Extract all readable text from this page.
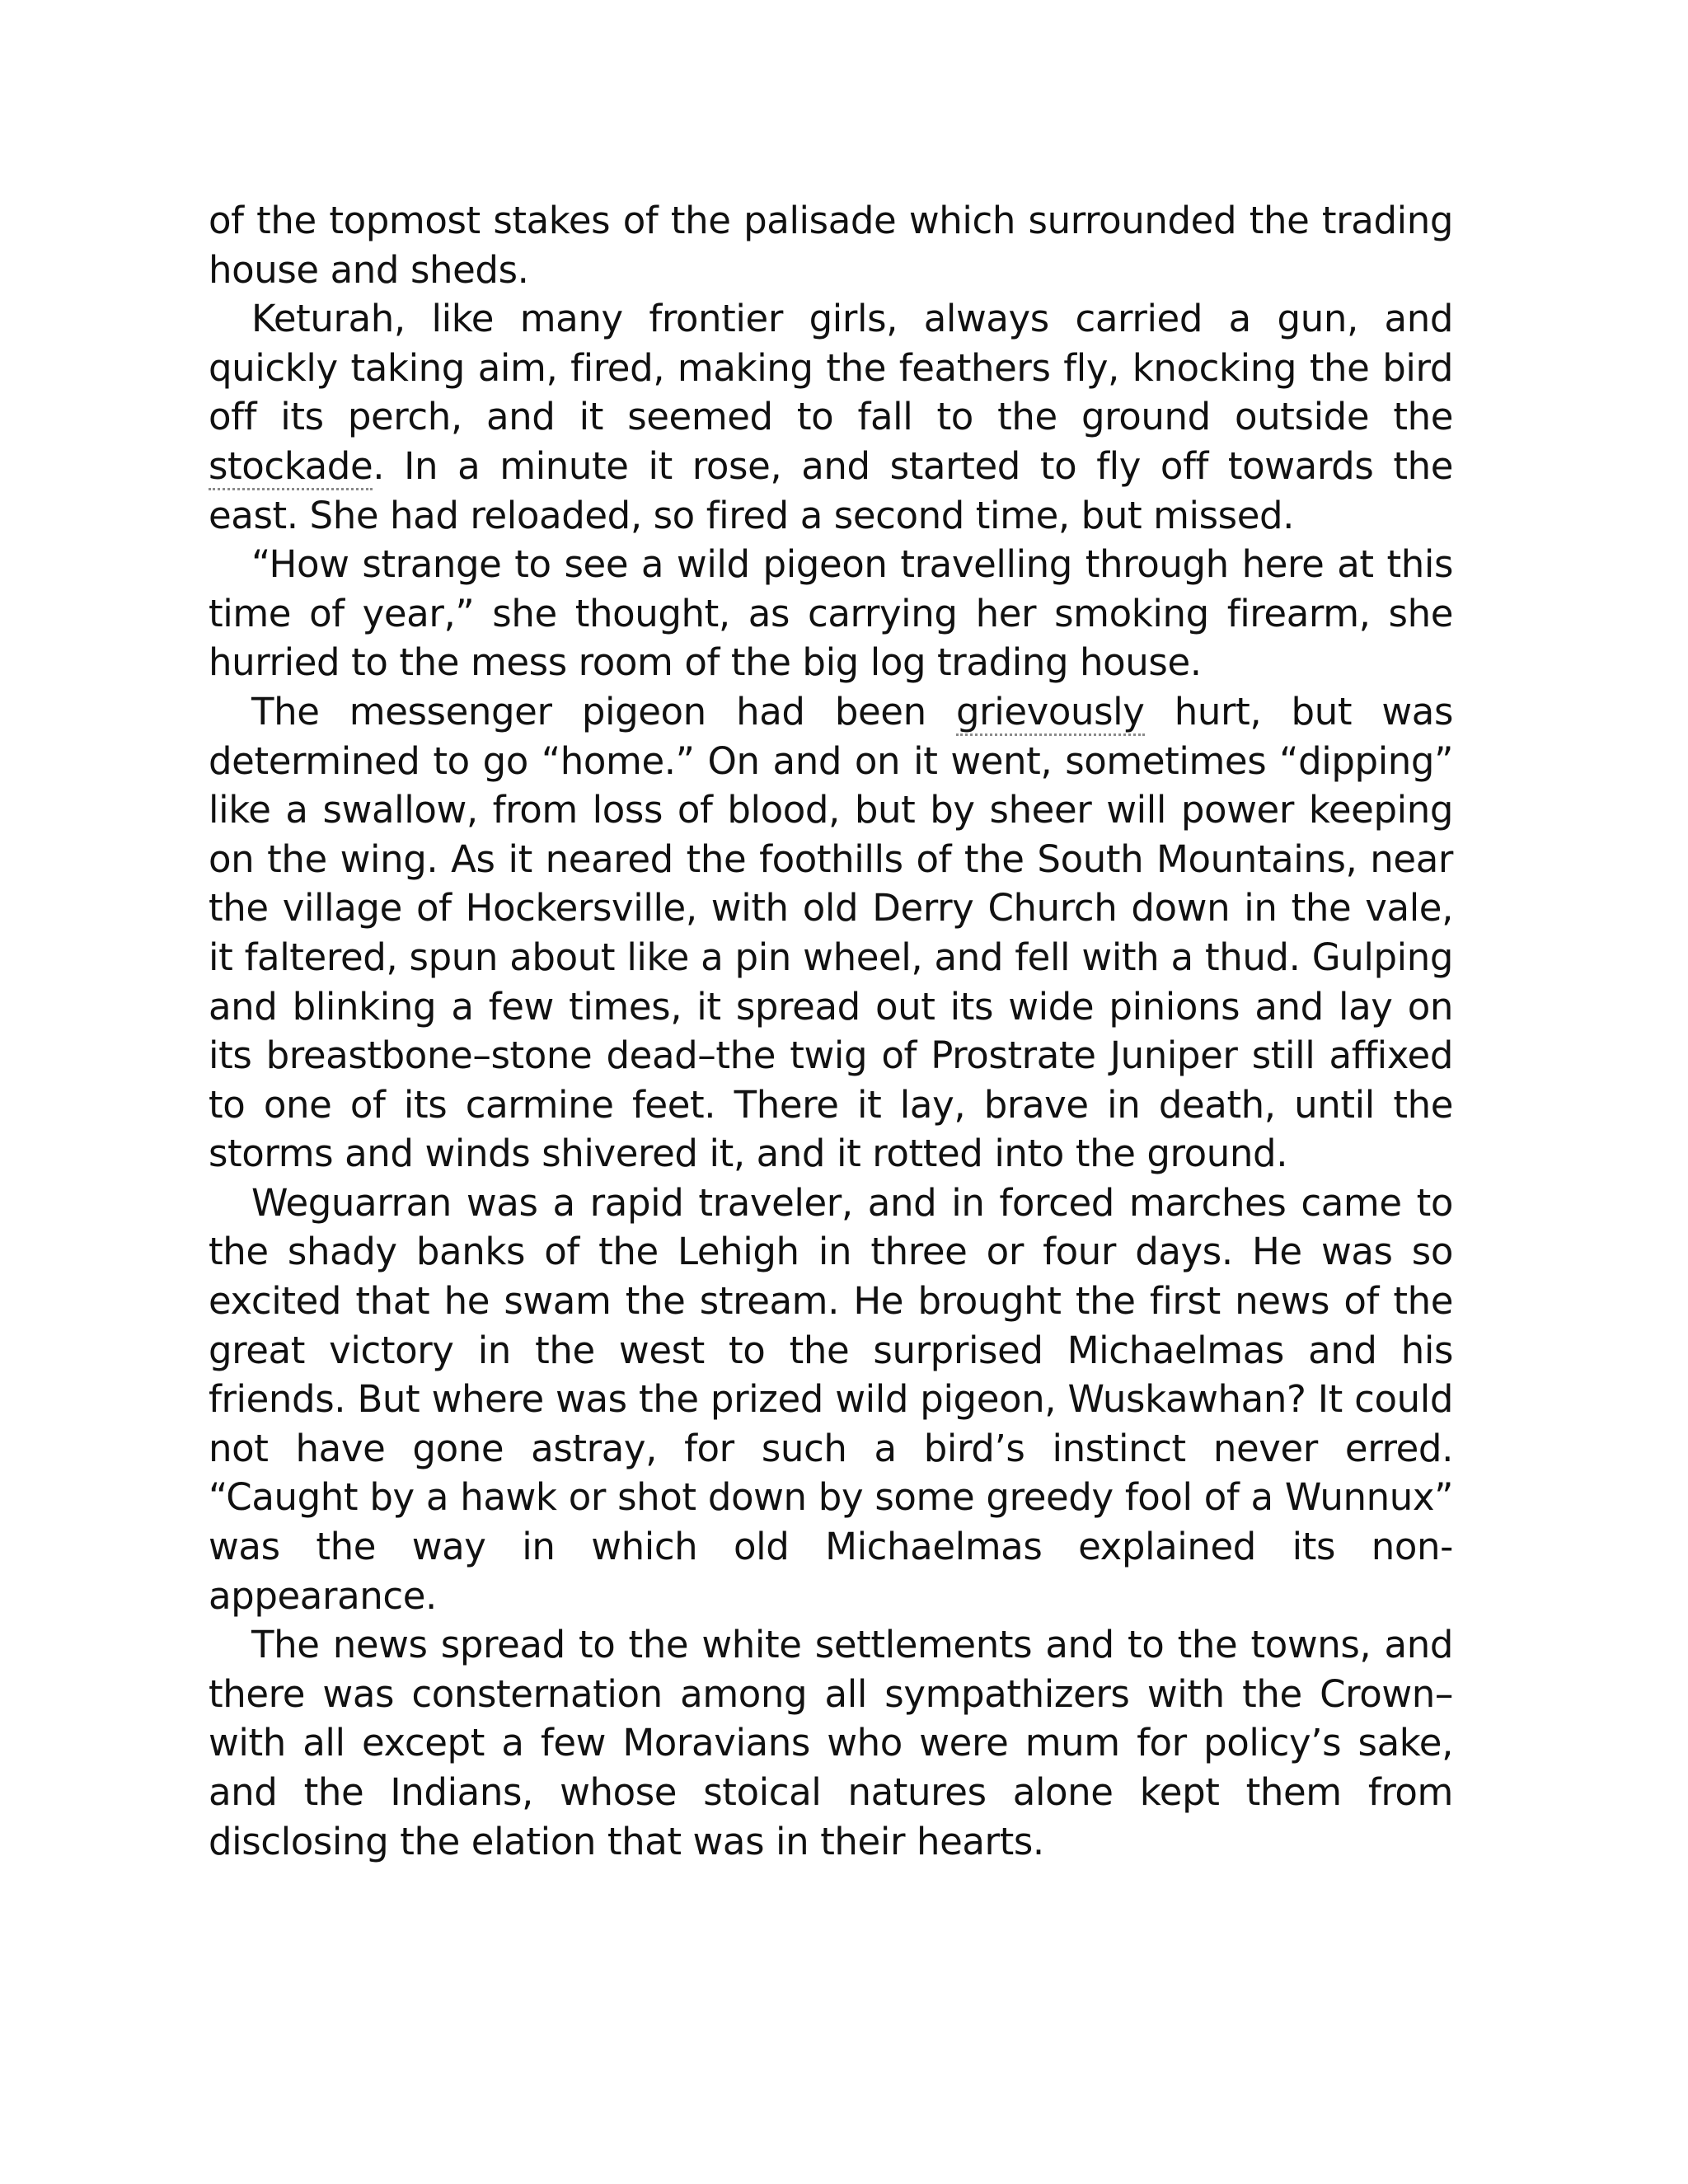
of the topmost stakes of the palisade which surrounded the trading house and sheds.

Keturah, like many frontier girls, always carried a gun, and quickly taking aim, fired, making the feathers fly, knocking the bird off its perch, and it seemed to fall to the ground outside the stockade. In a minute it rose, and started to fly off towards the east. She had reloaded, so fired a second time, but missed.

“How strange to see a wild pigeon travelling through here at this time of year,” she thought, as carrying her smoking firearm, she hurried to the mess room of the big log trading house.

The messenger pigeon had been grievously hurt, but was determined to go “home.” On and on it went, sometimes “dipping” like a swallow, from loss of blood, but by sheer will power keeping on the wing. As it neared the foothills of the South Mountains, near the village of Hockersville, with old Derry Church down in the vale, it faltered, spun about like a pin wheel, and fell with a thud. Gulping and blinking a few times, it spread out its wide pinions and lay on its breastbone–stone dead–the twig of Prostrate Juniper still affixed to one of its carmine feet. There it lay, brave in death, until the storms and winds shivered it, and it rotted into the ground.

Weguarran was a rapid traveler, and in forced marches came to the shady banks of the Lehigh in three or four days. He was so excited that he swam the stream. He brought the first news of the great victory in the west to the surprised Michaelmas and his friends. But where was the prized wild pigeon, Wuskawhan? It could not have gone astray, for such a bird’s instinct never erred. “Caught by a hawk or shot down by some greedy fool of a Wunnux” was the way in which old Michaelmas explained its non-appearance.

The news spread to the white settlements and to the towns, and there was consternation among all sympathizers with the Crown–with all except a few Moravians who were mum for policy’s sake, and the Indians, whose stoical natures alone kept them from disclosing the elation that was in their hearts.
